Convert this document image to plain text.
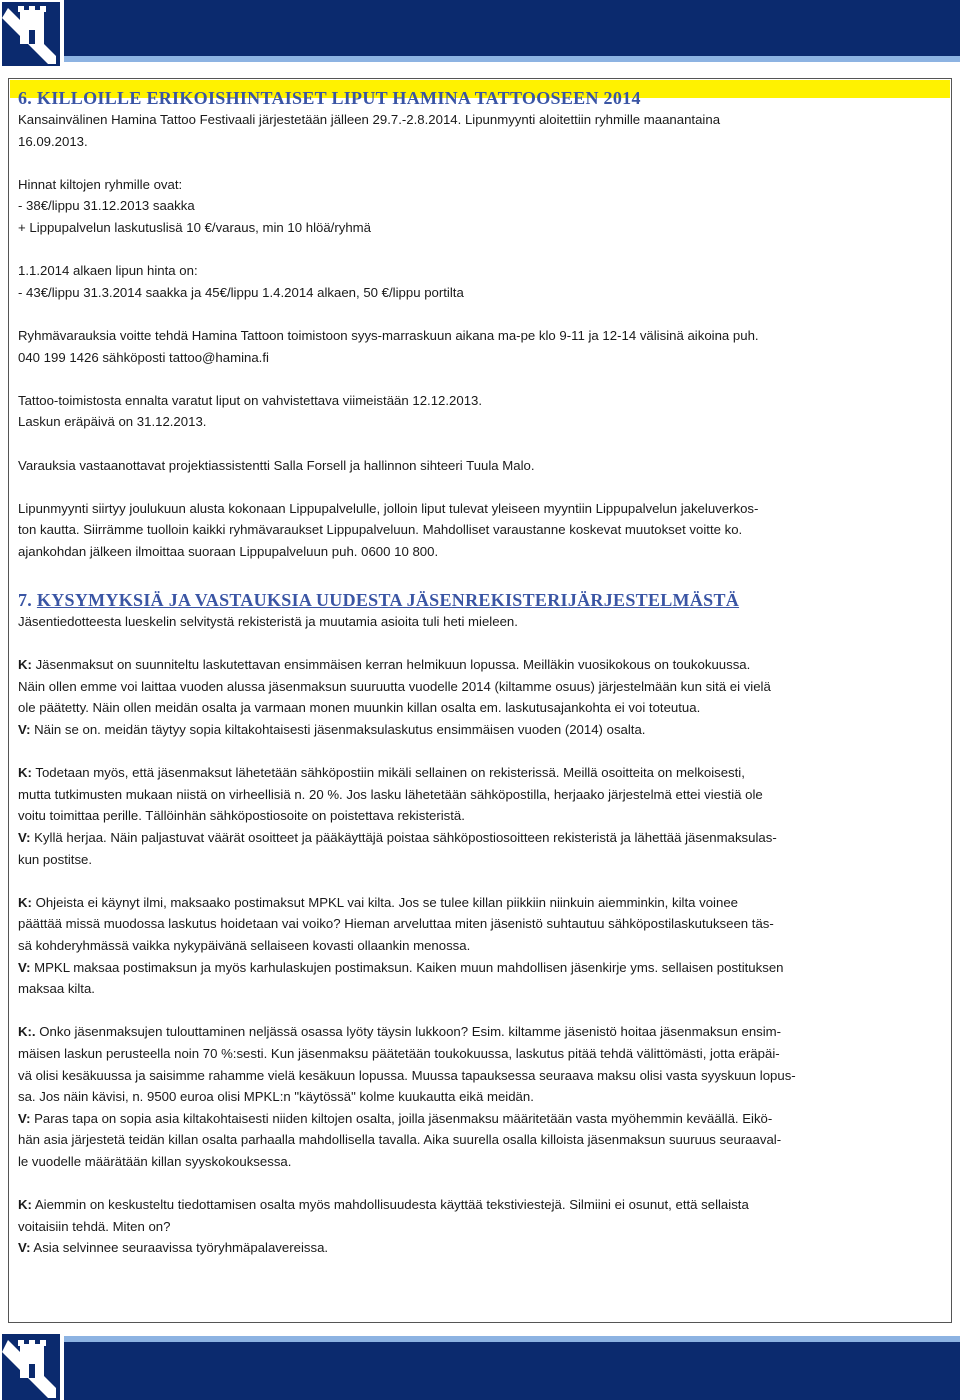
6. KILLOILLE ERIKOISHINTAISET LIPUT HAMINA TATTOOSEEN 2014

Kansainvälinen Hamina Tattoo Festivaali järjestetään jälleen 29.7.-2.8.2014. Lipunmyynti aloitettiin ryhmille maanantaina

16.09.2013.

Hinnat kiltojen ryhmille ovat:

- 38€/lippu 31.12.2013 saakka

+ Lippupalvelun laskutuslisä 10 €/varaus, min 10 hlöä/ryhmä

1.1.2014 alkaen lipun hinta on:

- 43€/lippu 31.3.2014 saakka ja 45€/lippu 1.4.2014 alkaen, 50 €/lippu portilta

Ryhmävarauksia voitte tehdä Hamina Tattoon toimistoon syys-marraskuun aikana ma-pe klo 9-11 ja 12-14 välisinä aikoina puh.

040 199 1426 sähköposti tattoo@hamina.fi

Tattoo-toimistosta ennalta varatut liput on vahvistettava viimeistään 12.12.2013.

Laskun eräpäivä on 31.12.2013.

Varauksia vastaanottavat projektiassistentti Salla Forsell ja hallinnon sihteeri Tuula Malo.

Lipunmyynti siirtyy joulukuun alusta kokonaan Lippupalvelulle, jolloin liput tulevat yleiseen myyntiin Lippupalvelun jakeluverkos-

ton kautta. Siirrämme tuolloin kaikki ryhmävaraukset Lippupalveluun. Mahdolliset varaustanne koskevat muutokset voitte ko.

ajankohdan jälkeen ilmoittaa suoraan Lippupalveluun puh. 0600 10 800.

7. KYSYMYKSIÄ JA VASTAUKSIA UUDESTA JÄSENREKISTERIJÄRJESTELMÄSTÄ

Jäsentiedotteesta lueskelin selvitystä rekisteristä ja muutamia asioita tuli heti mieleen.

K: Jäsenmaksut on suunniteltu laskutettavan ensimmäisen kerran helmikuun lopussa. Meilläkin vuosikokous on toukokuussa.

Näin ollen emme voi laittaa vuoden alussa jäsenmaksun suuruutta vuodelle 2014 (kiltamme osuus) järjestelmään kun sitä ei vielä

ole päätetty. Näin ollen meidän osalta ja varmaan monen muunkin killan osalta em. laskutusajankohta ei voi toteutua.

V: Näin se on. meidän täytyy sopia kiltakohtaisesti jäsenmaksulaskutus ensimmäisen vuoden (2014) osalta.

K: Todetaan myös, että jäsenmaksut lähetetään sähköpostiin mikäli sellainen on rekisterissä. Meillä osoitteita on melkoisesti,

mutta tutkimusten mukaan niistä on virheellisiä n. 20 %. Jos lasku lähetetään sähköpostilla, herjaako järjestelmä ettei viestiä ole

voitu toimittaa perille. Tällöinhän sähköpostiosoite on poistettava rekisteristä.

V: Kyllä herjaa. Näin paljastuvat väärät osoitteet ja pääkäyttäjä poistaa sähköpostiosoitteen rekisteristä ja lähettää jäsenmaksulas-

kun postitse.

K: Ohjeista ei käynyt ilmi, maksaako postimaksut MPKL vai kilta. Jos se tulee killan piikkiin niinkuin aiemminkin, kilta voinee

päättää missä muodossa laskutus hoidetaan vai voiko? Hieman arveluttaa miten jäsenistö suhtautuu sähköpostilaskutukseen täs-

sä kohderyhmässä vaikka nykypäivänä sellaiseen kovasti ollaankin menossa.

V: MPKL maksaa postimaksun ja myös karhulaskujen postimaksun. Kaiken muun mahdollisen jäsenkirje yms. sellaisen postituksen

maksaa kilta.

K:. Onko jäsenmaksujen tulouttaminen neljässä osassa lyöty täysin lukkoon? Esim. kiltamme jäsenistö hoitaa jäsenmaksun ensim-

mäisen laskun perusteella noin 70 %:sesti. Kun jäsenmaksu päätetään toukokuussa, laskutus pitää tehdä välittömästi, jotta eräpäi-

vä olisi kesäkuussa ja saisimme rahamme vielä kesäkuun lopussa. Muussa tapauksessa seuraava maksu olisi vasta syyskuun lopus-

sa. Jos näin kävisi, n. 9500 euroa olisi MPKL:n "käytössä" kolme kuukautta eikä meidän.

V: Paras tapa on sopia asia kiltakohtaisesti niiden kiltojen osalta, joilla jäsenmaksu määritetään vasta myöhemmin keväällä. Eikö-

hän asia järjestetä teidän killan osalta parhaalla mahdollisella tavalla. Aika suurella osalla killoista jäsenmaksun suuruus seuraaval-

le vuodelle määrätään killan syyskokouksessa.

K: Aiemmin on keskusteltu tiedottamisen osalta myös mahdollisuudesta käyttää tekstiviestejä. Silmiini ei osunut, että sellaista

voitaisiin tehdä. Miten on?

V: Asia selvinnee seuraavissa työryhmäpalavereissa.
